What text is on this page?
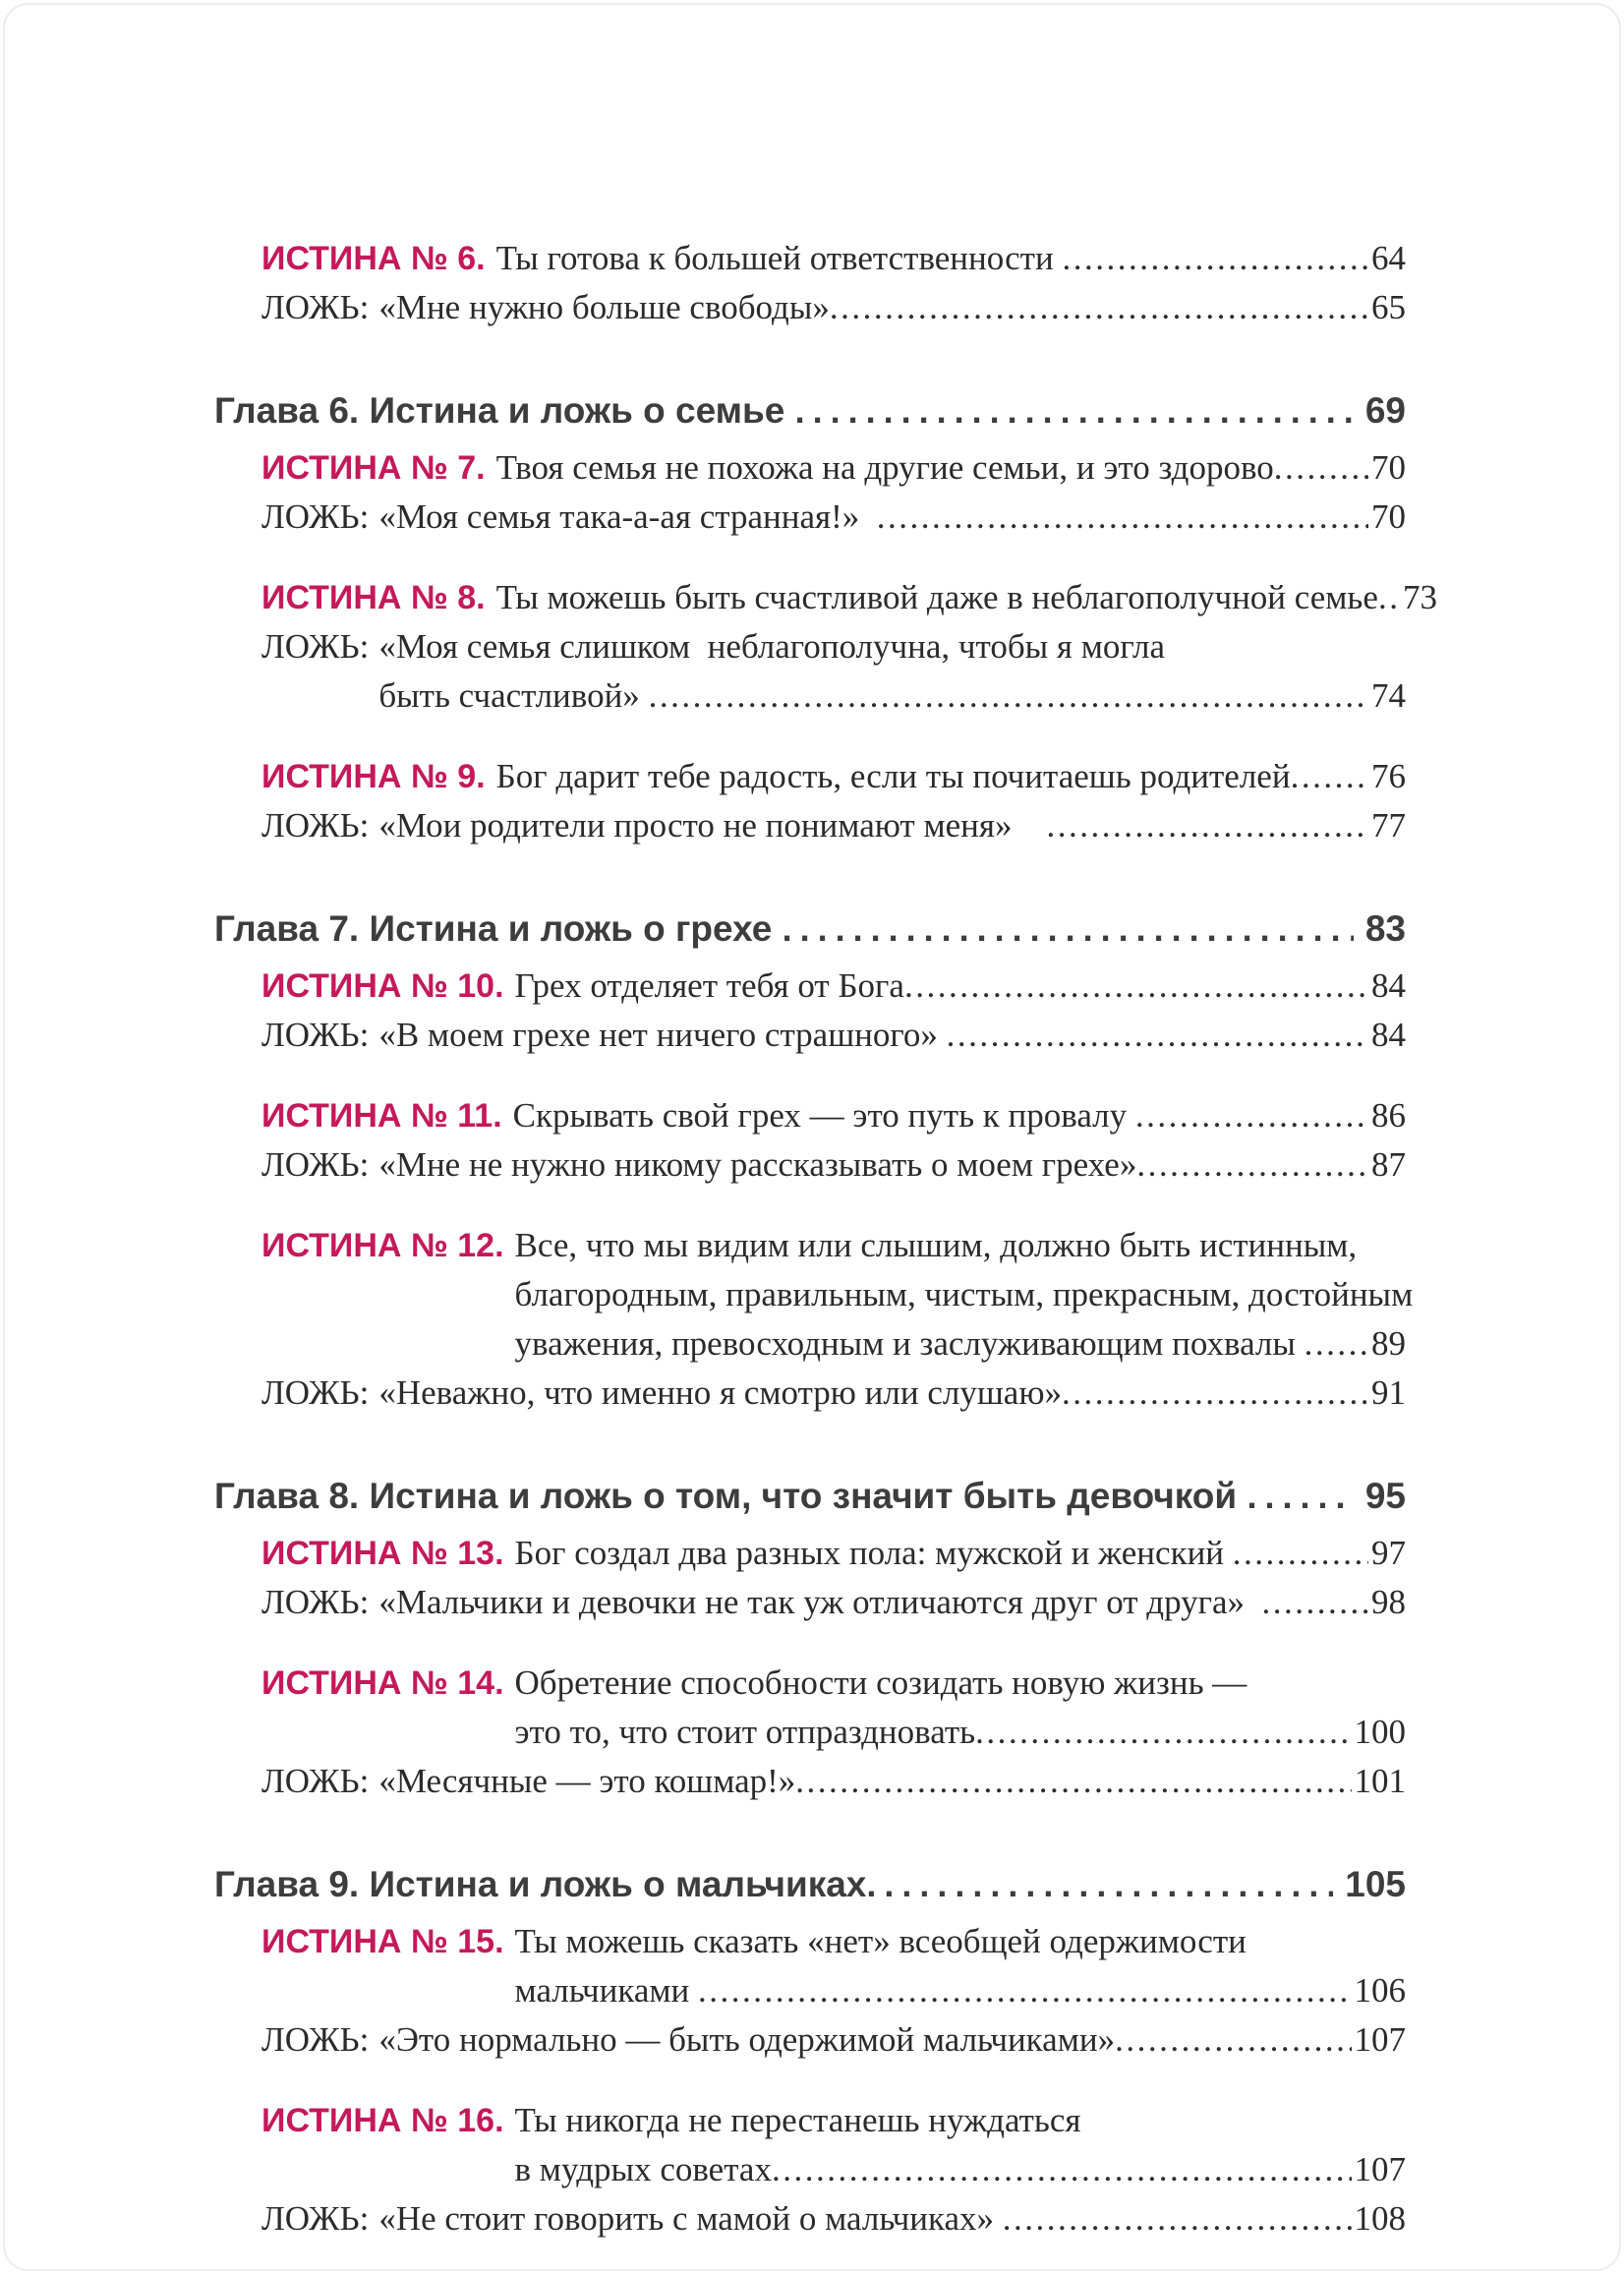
ИСТИНА № 6. Ты готова к большей ответственности .....	64
ЛОЖЬ: «Мне нужно больше свободы» .....	65
Глава 6. Истина и ложь о семье .....	69
ИСТИНА № 7. Твоя семья не похожа на другие семьи, и это здорово .....	70
ЛОЖЬ: «Моя семья така-а-ая странная!» .....	70
ИСТИНА № 8. Ты можешь быть счастливой даже в неблагополучной семье ..... 73
ЛОЖЬ: «Моя семья слишком  неблагополучна, чтобы я могла
быть счастливой» .....	74
ИСТИНА № 9. Бог дарит тебе радость, если ты почитаешь родителей ..... 76
ЛОЖЬ: «Мои родители просто не понимают меня» .....	77
Глава 7. Истина и ложь о грехе .....	83
ИСТИНА № 10. Грех отделяет тебя от Бога .....	84
ЛОЖЬ: «В моем грехе нет ничего страшного» .....	84
ИСТИНА № 11. Скрывать свой грех — это путь к провалу .....	86
ЛОЖЬ: «Мне не нужно никому рассказывать о моем грехе» .....	87
ИСТИНА № 12. Все, что мы видим или слышим, должно быть истинным,
благородным, правильным, чистым, прекрасным, достойным
уважения, превосходным и заслуживающим похвалы ..... 89
ЛОЖЬ: «Неважно, что именно я смотрю или слушаю» .....	91
Глава 8. Истина и ложь о том, что значит быть девочкой .....	95
ИСТИНА № 13. Бог создал два разных пола: мужской и женский .....	97
ЛОЖЬ: «Мальчики и девочки не так уж отличаются друг от друга» .....	98
ИСТИНА № 14. Обретение способности созидать новую жизнь —
это то, что стоит отпраздновать .....	100
ЛОЖЬ: «Месячные — это кошмар!» .....	101
Глава 9. Истина и ложь о мальчиках .....	105
ИСТИНА № 15. Ты можешь сказать «нет» всеобщей одержимости
мальчиками .....	106
ЛОЖЬ: «Это нормально — быть одержимой мальчиками» .....	107
ИСТИНА № 16. Ты никогда не перестанешь нуждаться
в мудрых советах .....	107
ЛОЖЬ: «Не стоит говорить с мамой о мальчиках» .....	108
